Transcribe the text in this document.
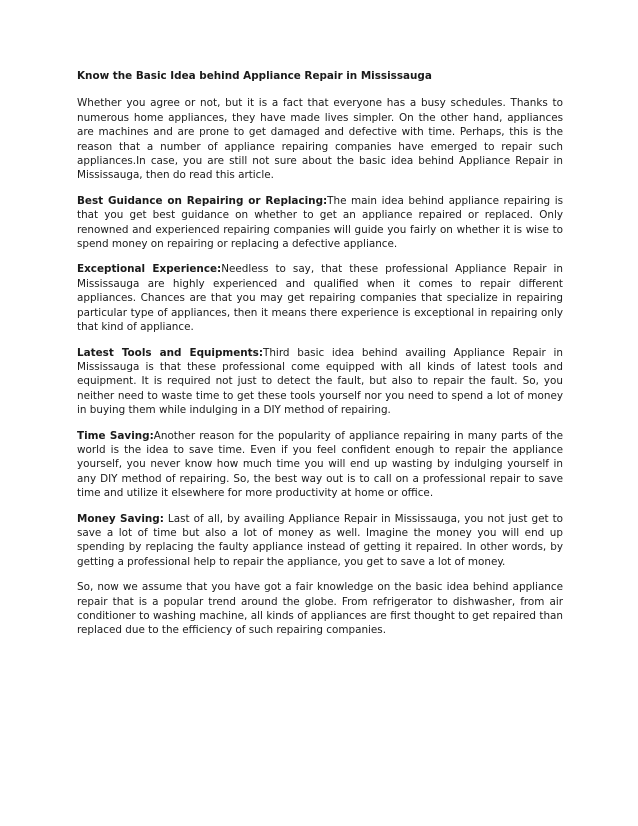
Know the Basic Idea behind Appliance Repair in Mississauga

Whether you agree or not, but it is a fact that everyone has a busy schedules. Thanks to numerous home appliances, they have made lives simpler. On the other hand, appliances are machines and are prone to get damaged and defective with time. Perhaps, this is the reason that a number of appliance repairing companies have emerged to repair such appliances.In case, you are still not sure about the basic idea behind Appliance Repair in Mississauga, then do read this article.

Best Guidance on Repairing or Replacing:The main idea behind appliance repairing is that you get best guidance on whether to get an appliance repaired or replaced. Only renowned and experienced repairing companies will guide you fairly on whether it is wise to spend money on repairing or replacing a defective appliance.

Exceptional Experience:Needless to say, that these professional Appliance Repair in Mississauga are highly experienced and qualified when it comes to repair different appliances. Chances are that you may get repairing companies that specialize in repairing particular type of appliances, then it means there experience is exceptional in repairing only that kind of appliance.

Latest Tools and Equipments:Third basic idea behind availing Appliance Repair in Mississauga is that these professional come equipped with all kinds of latest tools and equipment. It is required not just to detect the fault, but also to repair the fault. So, you neither need to waste time to get these tools yourself nor you need to spend a lot of money in buying them while indulging in a DIY method of repairing.

Time Saving:Another reason for the popularity of appliance repairing in many parts of the world is the idea to save time. Even if you feel confident enough to repair the appliance yourself, you never know how much time you will end up wasting by indulging yourself in any DIY method of repairing. So, the best way out is to call on a professional repair to save time and utilize it elsewhere for more productivity at home or office.

Money Saving: Last of all, by availing Appliance Repair in Mississauga, you not just get to save a lot of time but also a lot of money as well. Imagine the money you will end up spending by replacing the faulty appliance instead of getting it repaired. In other words, by getting a professional help to repair the appliance, you get to save a lot of money.

So, now we assume that you have got a fair knowledge on the basic idea behind appliance repair that is a popular trend around the globe. From refrigerator to dishwasher, from air conditioner to washing machine, all kinds of appliances are first thought to get repaired than replaced due to the efficiency of such repairing companies.
